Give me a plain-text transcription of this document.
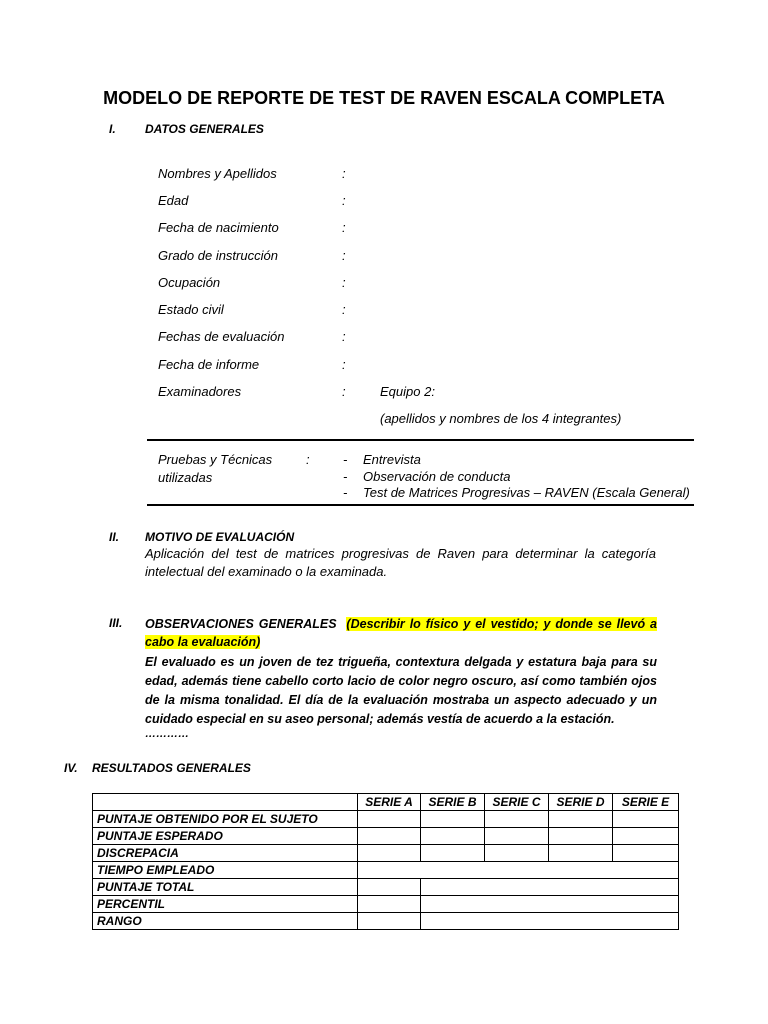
MODELO DE REPORTE DE TEST DE RAVEN ESCALA COMPLETA
I. DATOS GENERALES
Nombres y Apellidos	:
Edad	:
Fecha de nacimiento	:
Grado de instrucción	:
Ocupación	:
Estado civil	:
Fechas de evaluación	:
Fecha de informe	:
Examinadores	:	Equipo 2:
(apellidos y nombres de los 4 integrantes)
Pruebas y Técnicas
utilizadas
:	- Entrevista
- Observación de conducta
- Test de Matrices Progresivas – RAVEN (Escala General)
II. MOTIVO DE EVALUACIÓN
Aplicación del test de matrices progresivas de Raven para determinar la categoría intelectual del examinado o la examinada.
III. OBSERVACIONES GENERALES (Describir lo físico y el vestido; y donde se llevó a cabo la evaluación)
El evaluado es un joven de tez trigueña, contextura delgada y estatura baja para su edad, además tiene cabello corto lacio de color negro oscuro, así como también ojos de la misma tonalidad. El día de la evaluación mostraba un aspecto adecuado y un cuidado especial en su aseo personal; además vestía de acuerdo a la estación.
…………
IV. RESULTADOS GENERALES
	SERIE A	SERIE B	SERIE C	SERIE D	SERIE E
PUNTAJE OBTENIDO POR EL SUJETO					
PUNTAJE ESPERADO					
DISCREPACIA					
TIEMPO EMPLEADO					
PUNTAJE TOTAL					
PERCENTIL					
RANGO					
